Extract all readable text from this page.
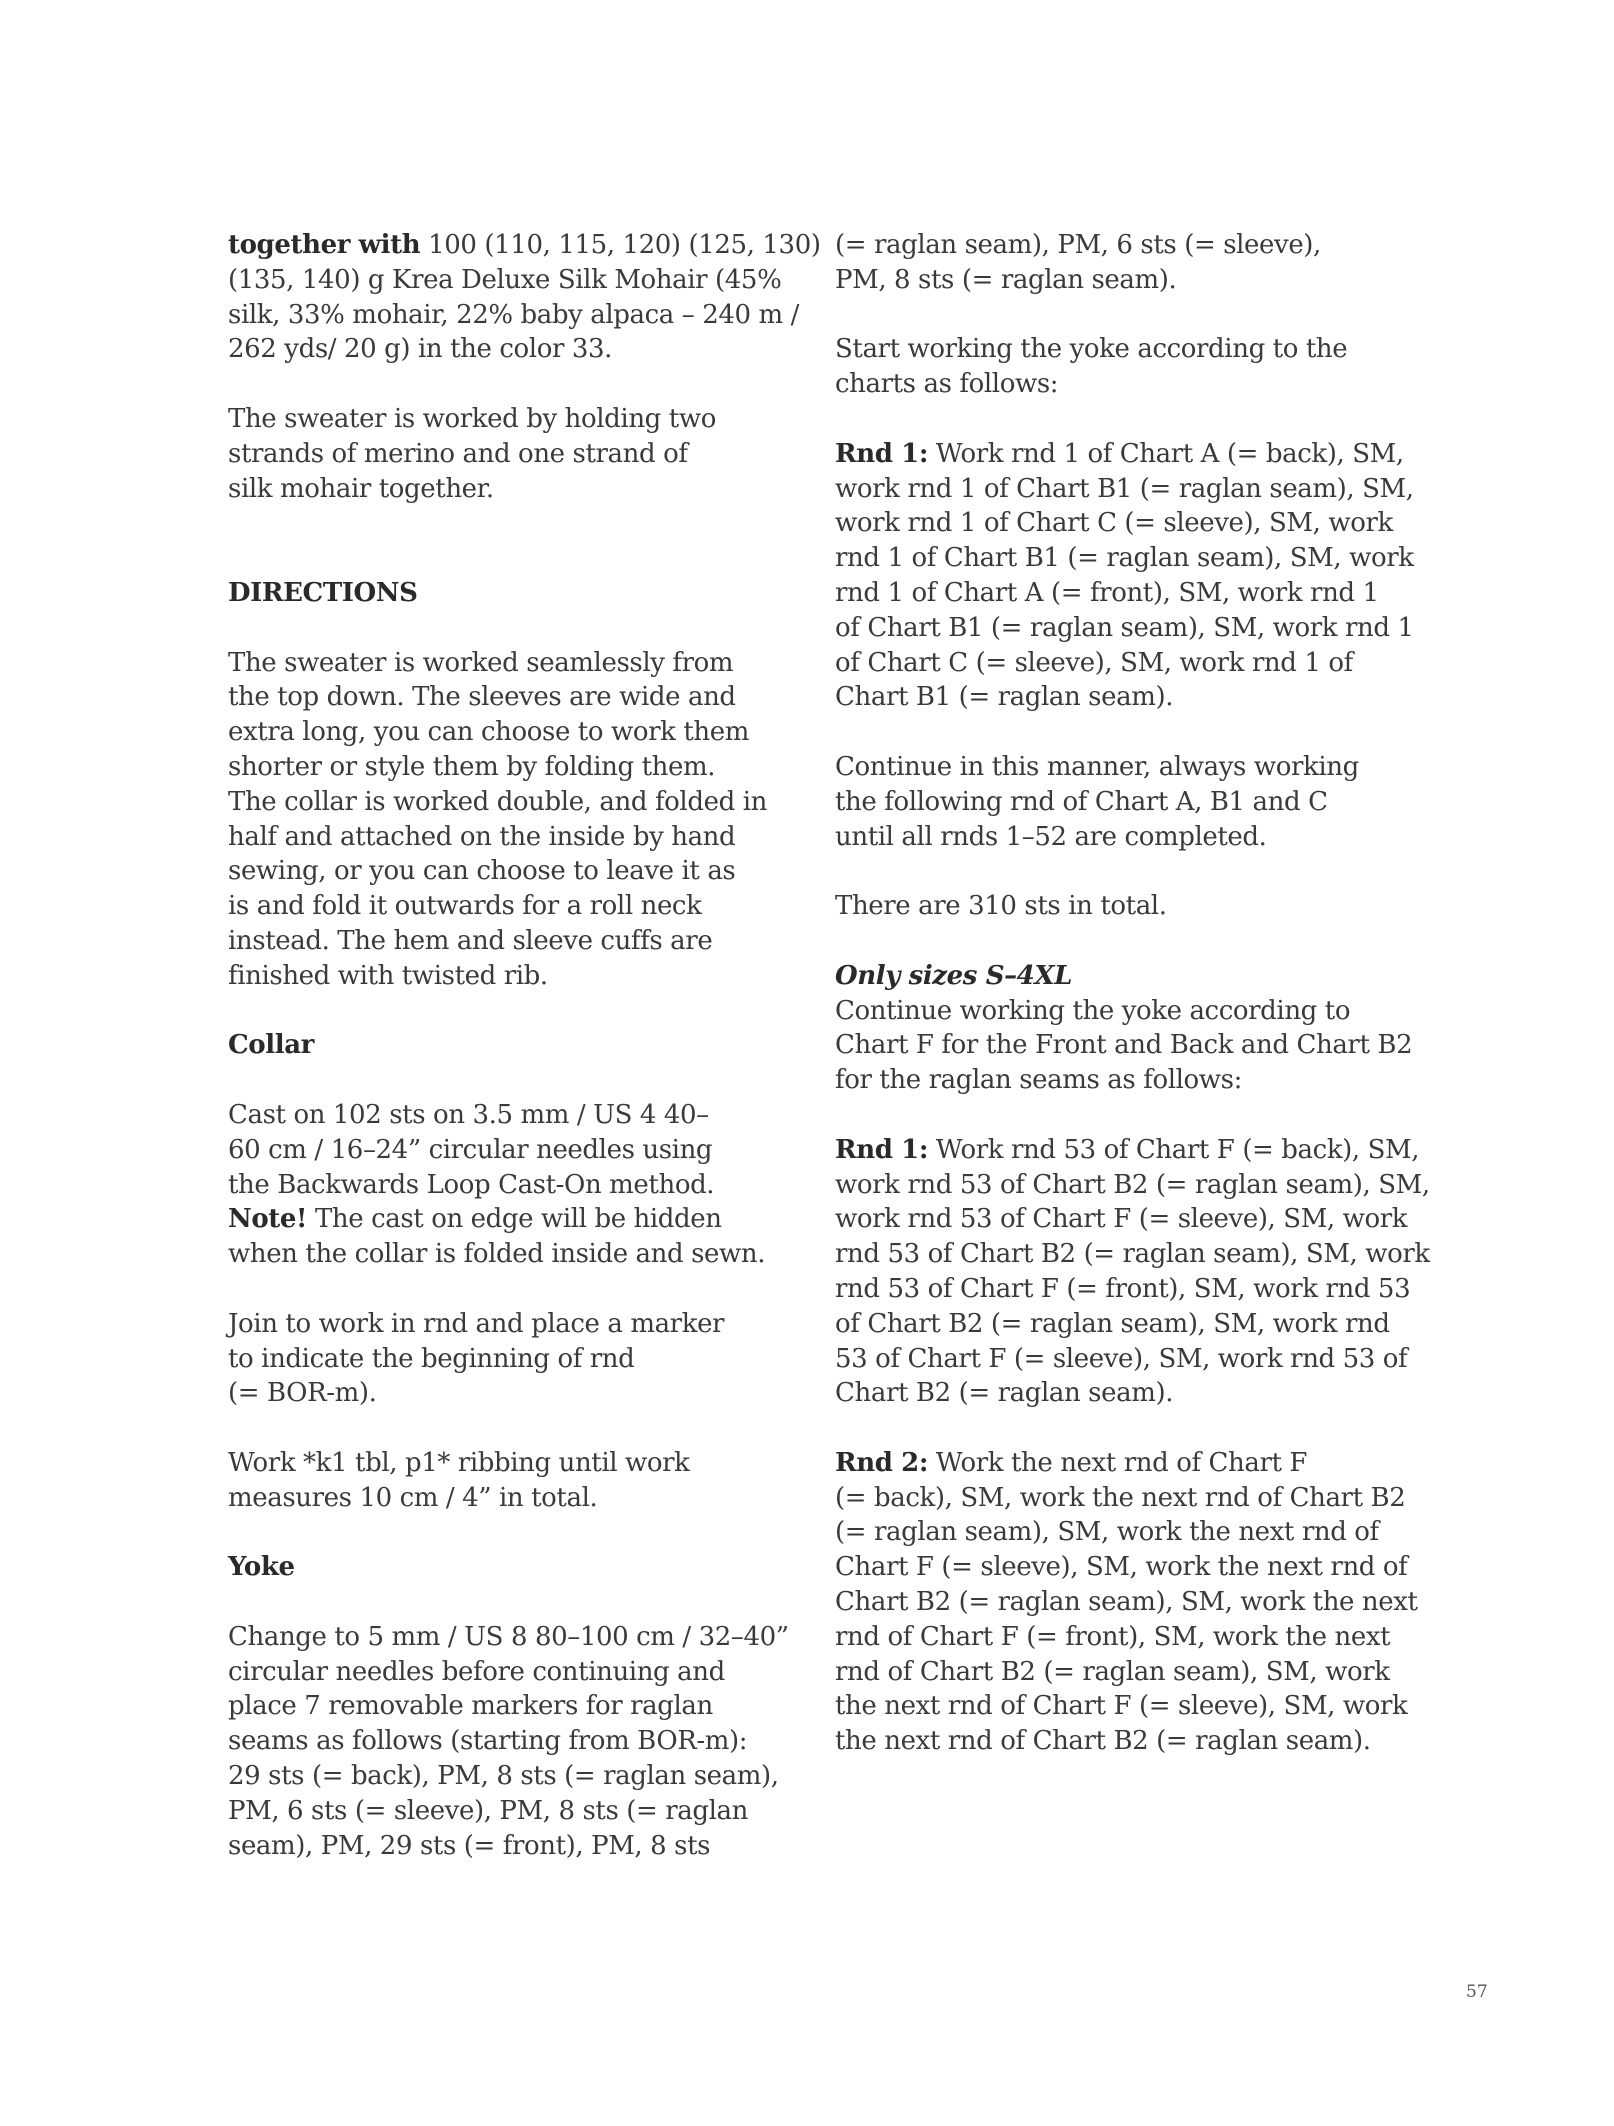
together with 100 (110, 115, 120) (125, 130)
(135, 140) g Krea Deluxe Silk Mohair (45%
silk, 33% mohair, 22% baby alpaca – 240 m /
262 yds/ 20 g) in the color 33.
The sweater is worked by holding two
strands of merino and one strand of
silk mohair together.
DIRECTIONS
The sweater is worked seamlessly from
the top down. The sleeves are wide and
extra long, you can choose to work them
shorter or style them by folding them.
The collar is worked double, and folded in
half and attached on the inside by hand
sewing, or you can choose to leave it as
is and fold it outwards for a roll neck
instead. The hem and sleeve cuffs are
finished with twisted rib.
Collar
Cast on 102 sts on 3.5 mm / US 4 40–
60 cm / 16–24” circular needles using
the Backwards Loop Cast-On method.
Note! The cast on edge will be hidden
when the collar is folded inside and sewn.
Join to work in rnd and place a marker
to indicate the beginning of rnd
(= BOR-m).
Work *k1 tbl, p1* ribbing until work
measures 10 cm / 4” in total.
Yoke
Change to 5 mm / US 8 80–100 cm / 32–40”
circular needles before continuing and
place 7 removable markers for raglan
seams as follows (starting from BOR-m):
29 sts (= back), PM, 8 sts (= raglan seam),
PM, 6 sts (= sleeve), PM, 8 sts (= raglan
seam), PM, 29 sts (= front), PM, 8 sts
(= raglan seam), PM, 6 sts (= sleeve),
PM, 8 sts (= raglan seam).
Start working the yoke according to the
charts as follows:
Rnd 1: Work rnd 1 of Chart A (= back), SM,
work rnd 1 of Chart B1 (= raglan seam), SM,
work rnd 1 of Chart C (= sleeve), SM, work
rnd 1 of Chart B1 (= raglan seam), SM, work
rnd 1 of Chart A (= front), SM, work rnd 1
of Chart B1 (= raglan seam), SM, work rnd 1
of Chart C (= sleeve), SM, work rnd 1 of
Chart B1 (= raglan seam).
Continue in this manner, always working
the following rnd of Chart A, B1 and C
until all rnds 1–52 are completed.
There are 310 sts in total.
Only sizes S–4XL
Continue working the yoke according to
Chart F for the Front and Back and Chart B2
for the raglan seams as follows:
Rnd 1: Work rnd 53 of Chart F (= back), SM,
work rnd 53 of Chart B2 (= raglan seam), SM,
work rnd 53 of Chart F (= sleeve), SM, work
rnd 53 of Chart B2 (= raglan seam), SM, work
rnd 53 of Chart F (= front), SM, work rnd 53
of Chart B2 (= raglan seam), SM, work rnd
53 of Chart F (= sleeve), SM, work rnd 53 of
Chart B2 (= raglan seam).
Rnd 2: Work the next rnd of Chart F
(= back), SM, work the next rnd of Chart B2
(= raglan seam), SM, work the next rnd of
Chart F (= sleeve), SM, work the next rnd of
Chart B2 (= raglan seam), SM, work the next
rnd of Chart F (= front), SM, work the next
rnd of Chart B2 (= raglan seam), SM, work
the next rnd of Chart F (= sleeve), SM, work
the next rnd of Chart B2 (= raglan seam).
57
